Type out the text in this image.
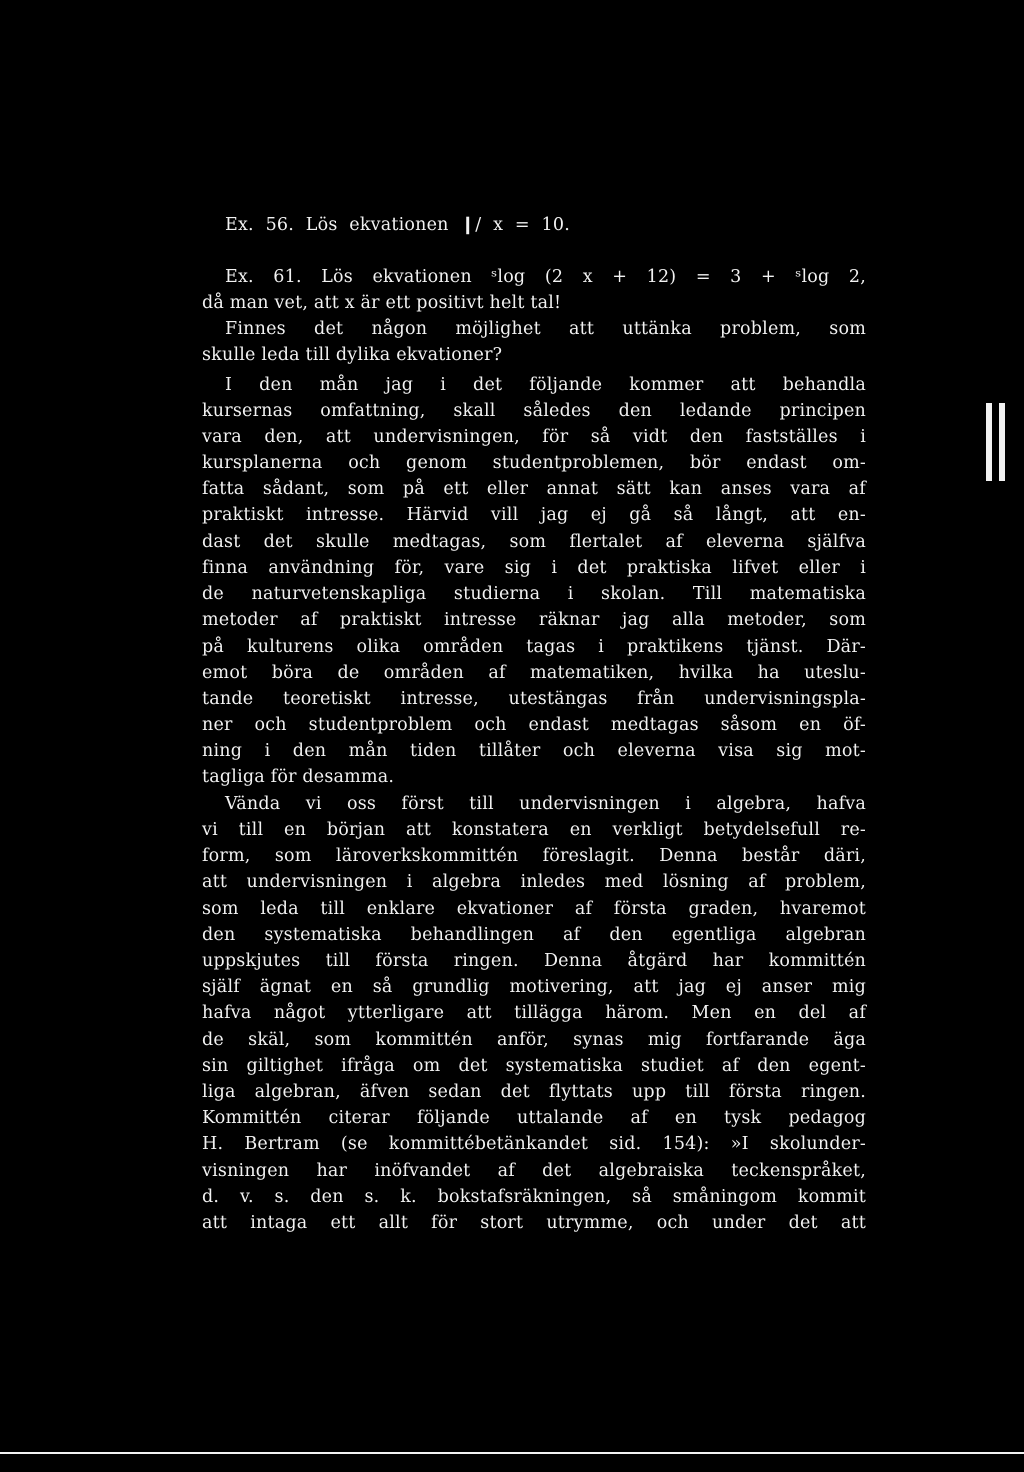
Ex. 56. Lös ekvationen ❙/ x = 10.
Ex. 61. Lös ekvationen ˢlog (2 x + 12) = 3 + ˢlog 2,
då man vet, att x är ett positivt helt tal!
Finnes det någon möjlighet att uttänka problem, som
skulle leda till dylika ekvationer?
I den mån jag i det följande kommer att behandla
kursernas omfattning, skall således den ledande principen
vara den, att undervisningen, för så vidt den fastställes i
kursplanerna och genom studentproblemen, bör endast om-
fatta sådant, som på ett eller annat sätt kan anses vara af
praktiskt intresse. Härvid vill jag ej gå så långt, att en-
dast det skulle medtagas, som flertalet af eleverna själfva
finna användning för, vare sig i det praktiska lifvet eller i
de naturvetenskapliga studierna i skolan. Till matematiska
metoder af praktiskt intresse räknar jag alla metoder, som
på kulturens olika områden tagas i praktikens tjänst. Där-
emot böra de områden af matematiken, hvilka ha uteslu-
tande teoretiskt intresse, utestängas från undervisningspla-
ner och studentproblem och endast medtagas såsom en öf-
ning i den mån tiden tillåter och eleverna visa sig mot-
tagliga för desamma.
Vända vi oss först till undervisningen i algebra, hafva
vi till en början att konstatera en verkligt betydelsefull re-
form, som läroverkskommittén föreslagit. Denna består däri,
att undervisningen i algebra inledes med lösning af problem,
som leda till enklare ekvationer af första graden, hvaremot
den systematiska behandlingen af den egentliga algebran
uppskjutes till första ringen. Denna åtgärd har kommittén
själf ägnat en så grundlig motivering, att jag ej anser mig
hafva något ytterligare att tillägga härom. Men en del af
de skäl, som kommittén anför, synas mig fortfarande äga
sin giltighet ifråga om det systematiska studiet af den egent-
liga algebran, äfven sedan det flyttats upp till första ringen.
Kommittén citerar följande uttalande af en tysk pedagog
H. Bertram (se kommittébetänkandet sid. 154): »I skolunder-
visningen har inöfvandet af det algebraiska teckenspråket,
d. v. s. den s. k. bokstafsräkningen, så småningom kommit
att intaga ett allt för stort utrymme, och under det att
